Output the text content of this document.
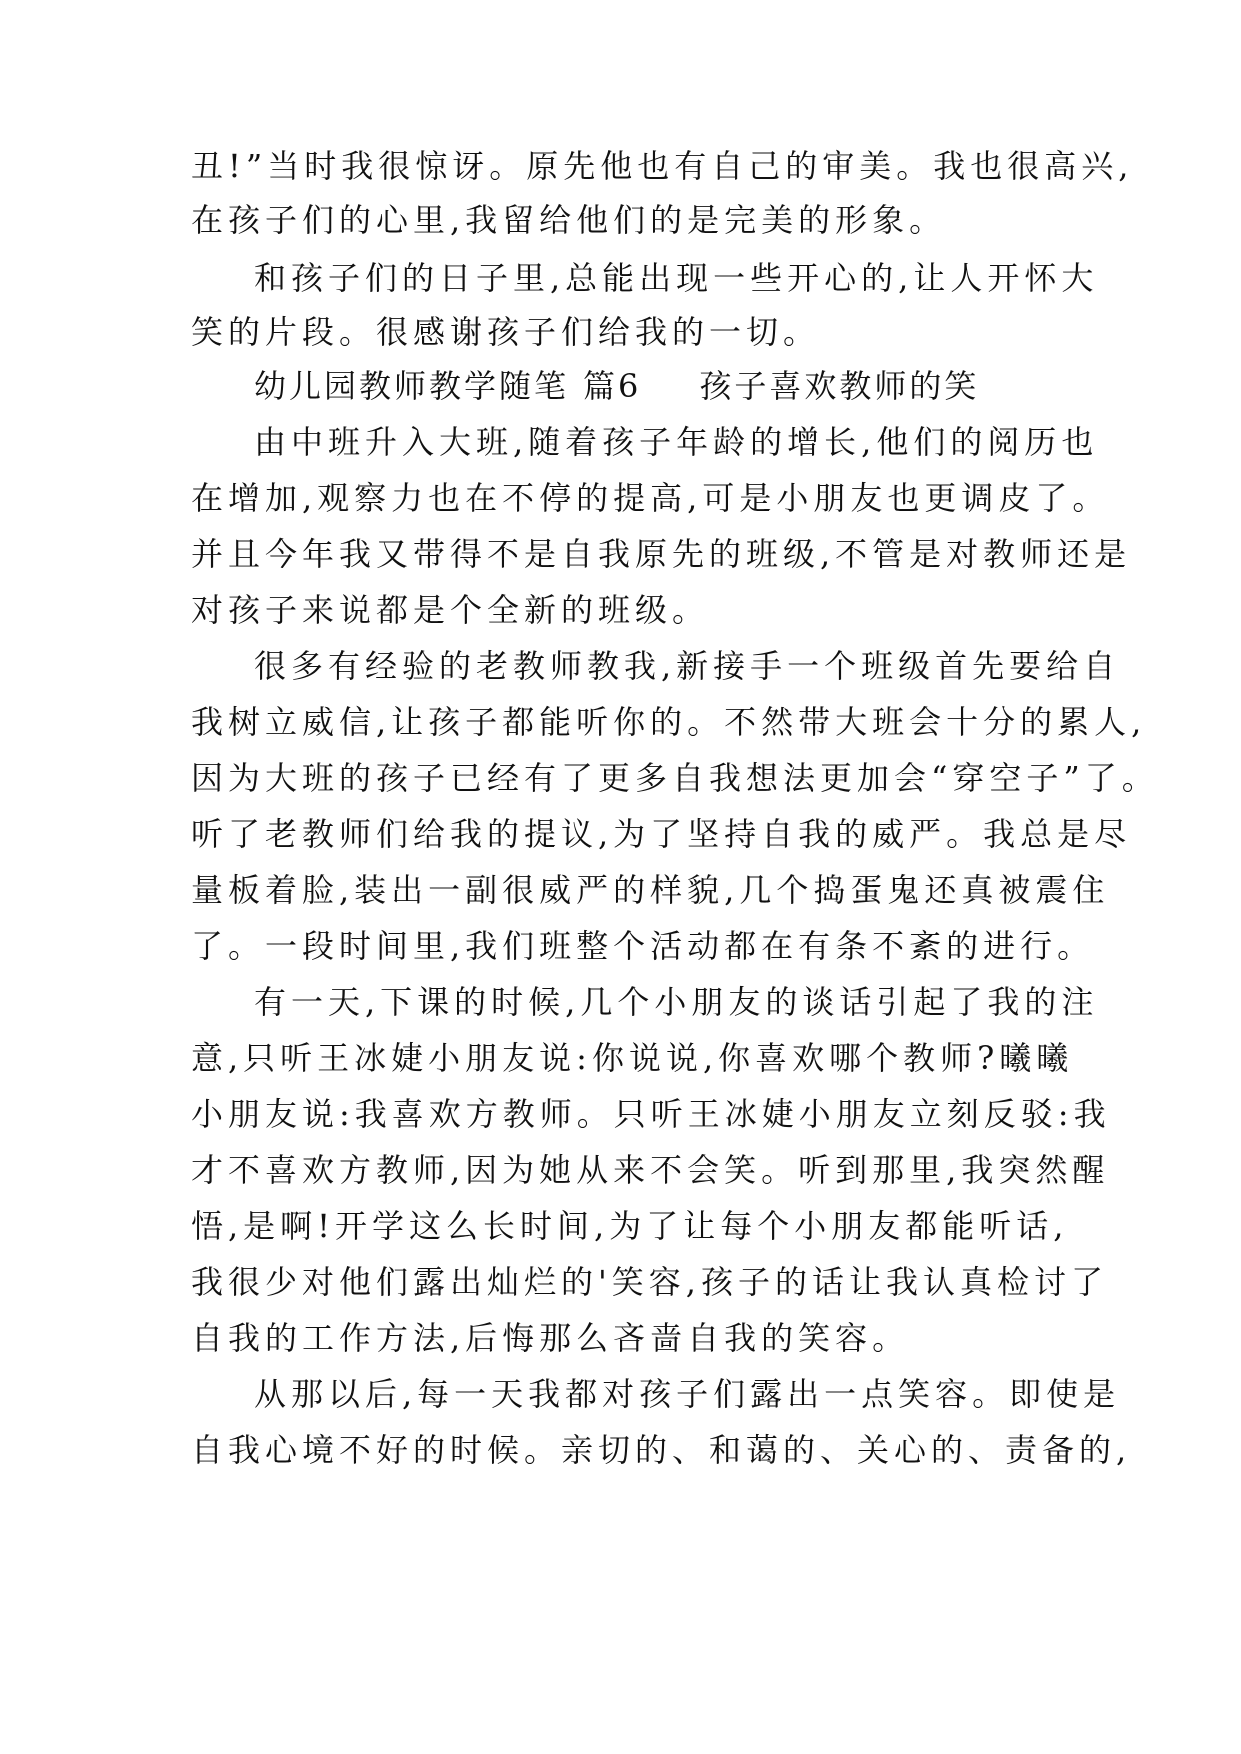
丑!”当时我很惊讶。原先他也有自己的审美。我也很高兴,
在孩子们的心里,我留给他们的是完美的形象。
和孩子们的日子里,总能出现一些开心的,让人开怀大
笑的片段。很感谢孩子们给我的一切。
幼儿园教师教学随笔 篇6 孩子喜欢教师的笑
由中班升入大班,随着孩子年龄的增长,他们的阅历也
在增加,观察力也在不停的提高,可是小朋友也更调皮了。
并且今年我又带得不是自我原先的班级,不管是对教师还是
对孩子来说都是个全新的班级。
很多有经验的老教师教我,新接手一个班级首先要给自
我树立威信,让孩子都能听你的。不然带大班会十分的累人,
因为大班的孩子已经有了更多自我想法更加会“穿空子”了。
听了老教师们给我的提议,为了坚持自我的威严。我总是尽
量板着脸,装出一副很威严的样貌,几个捣蛋鬼还真被震住
了。一段时间里,我们班整个活动都在有条不紊的进行。
有一天,下课的时候,几个小朋友的谈话引起了我的注
意,只听王冰婕小朋友说:你说说,你喜欢哪个教师?曦曦
小朋友说:我喜欢方教师。只听王冰婕小朋友立刻反驳:我
才不喜欢方教师,因为她从来不会笑。听到那里,我突然醒
悟,是啊!开学这么长时间,为了让每个小朋友都能听话,
我很少对他们露出灿烂的'笑容,孩子的话让我认真检讨了
自我的工作方法,后悔那么吝啬自我的笑容。
从那以后,每一天我都对孩子们露出一点笑容。即使是
自我心境不好的时候。亲切的、和蔼的、关心的、责备的,
